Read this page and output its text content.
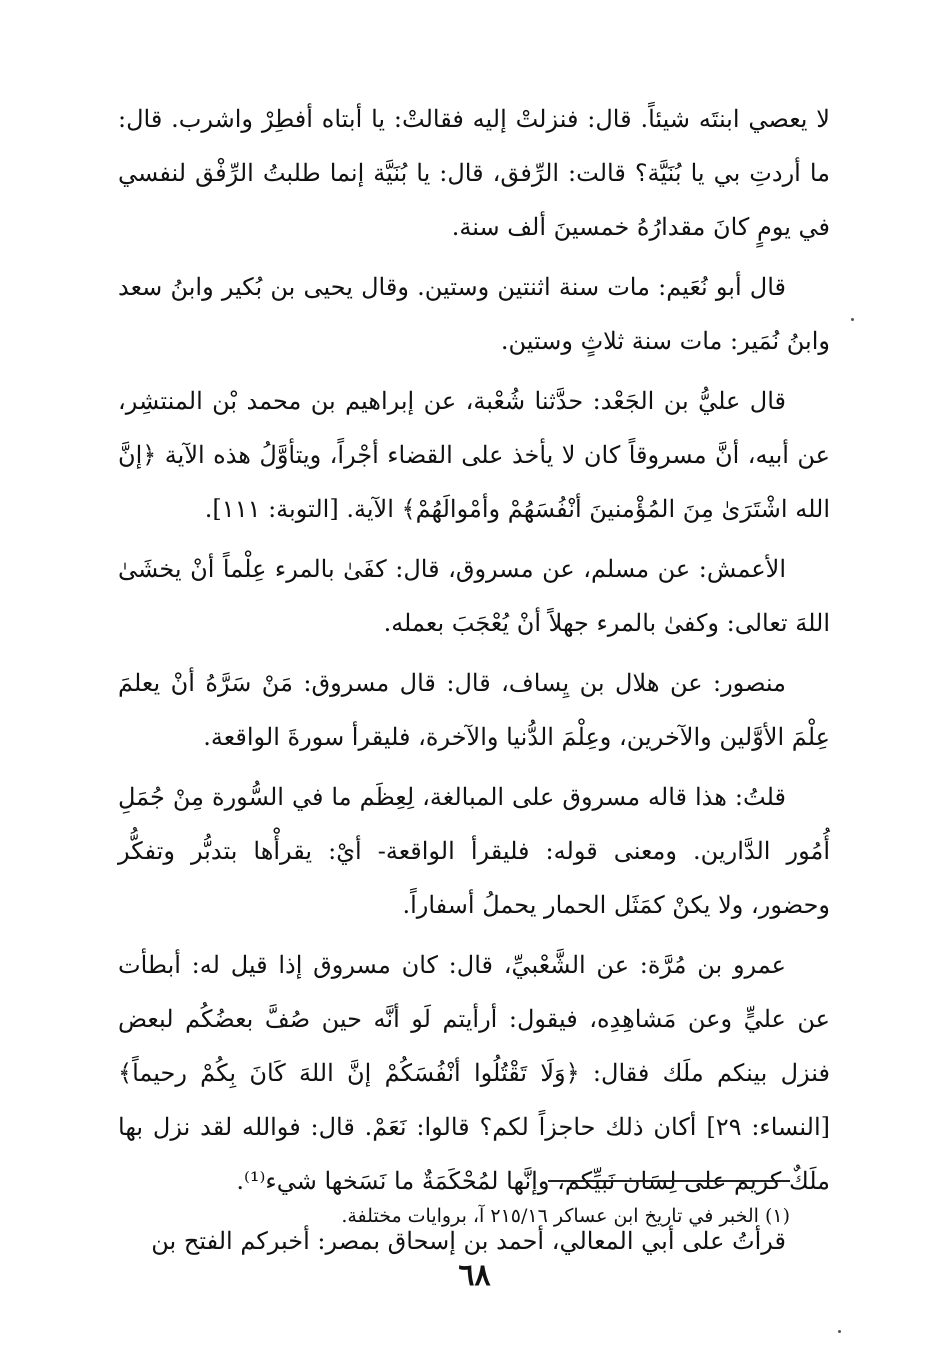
لا يعصي ابنتَه شيئاً. قال: فنزلتْ إليه فقالتْ: يا أبتاه أفطِرْ واشرب. قال: ما أردتِ بي يا بُنَيَّة؟ قالت: الرِّفق، قال: يا بُنَيَّة إنما طلبتُ الرِّفْق لنفسي في يومٍ كانَ مقدارُهُ خمسينَ ألف سنة.

قال أبو نُعَيم: مات سنة اثنتين وستين. وقال يحيى بن بُكير وابنُ سعد وابنُ نُمَير: مات سنة ثلاثٍ وستين.

قال عليُّ بن الجَعْد: حدَّثنا شُعْبة، عن إبراهيم بن محمد بْن المنتشِر، عن أبيه، أنَّ مسروقاً كان لا يأخذ على القضاء أجْراً، ويتأوَّلُ هذه الآية ﴿إنَّ الله اشْتَرَىٰ مِنَ المُؤْمنينَ أنْفُسَهُمْ وأمْوالَهُمْ﴾ الآية. [التوبة: ١١١].

الأعمش: عن مسلم، عن مسروق، قال: كفَىٰ بالمرء عِلْماً أنْ يخشَىٰ اللهَ تعالى: وكفىٰ بالمرء جهلاً أنْ يُعْجَبَ بعمله.

منصور: عن هلال بن يِساف، قال: قال مسروق: مَنْ سَرَّهُ أنْ يعلمَ عِلْمَ الأوَّلين والآخرين، وعِلْمَ الدُّنيا والآخرة، فليقرأ سورةَ الواقعة.

قلتُ: هذا قاله مسروق على المبالغة، لِعِظَم ما في السُّورة مِنْ جُمَلِ أُمُور الدَّارين. ومعنى قوله: فليقرأ الواقعة- أيْ: يقرأْها بتدبُّر وتفكُّر وحضور، ولا يكنْ كمَثَل الحمار يحملُ أسفاراً.

عمرو بن مُرَّة: عن الشَّعْبيِّ، قال: كان مسروق إذا قيل له: أبطأت عن عليٍّ وعن مَشاهِدِه، فيقول: أرأيتم لَو أنَّه حين صُفَّ بعضُكُم لبعض فنزل بينكم ملَك فقال: ﴿وَلَا تَقْتُلُوا أنْفُسَكُمْ إنَّ اللهَ كَانَ بِكُمْ رحيماً﴾ [النساء: ٢٩] أكان ذلك حاجزاً لكم؟ قالوا: نَعَمْ. قال: فوالله لقد نزل بها ملَكٌ كريم على لِسَان نَبيِّكم، وإنَّها لمُحْكَمَةٌ ما نَسَخها شيء⁽¹⁾.

قرأتُ على أبي المعالي، أحمد بن إسحاق بمصر: أخبركم الفتح بن

(١) الخبر في تاريخ ابن عساكر ٢١٥/١٦ آ، بروايات مختلفة.

٦٨
